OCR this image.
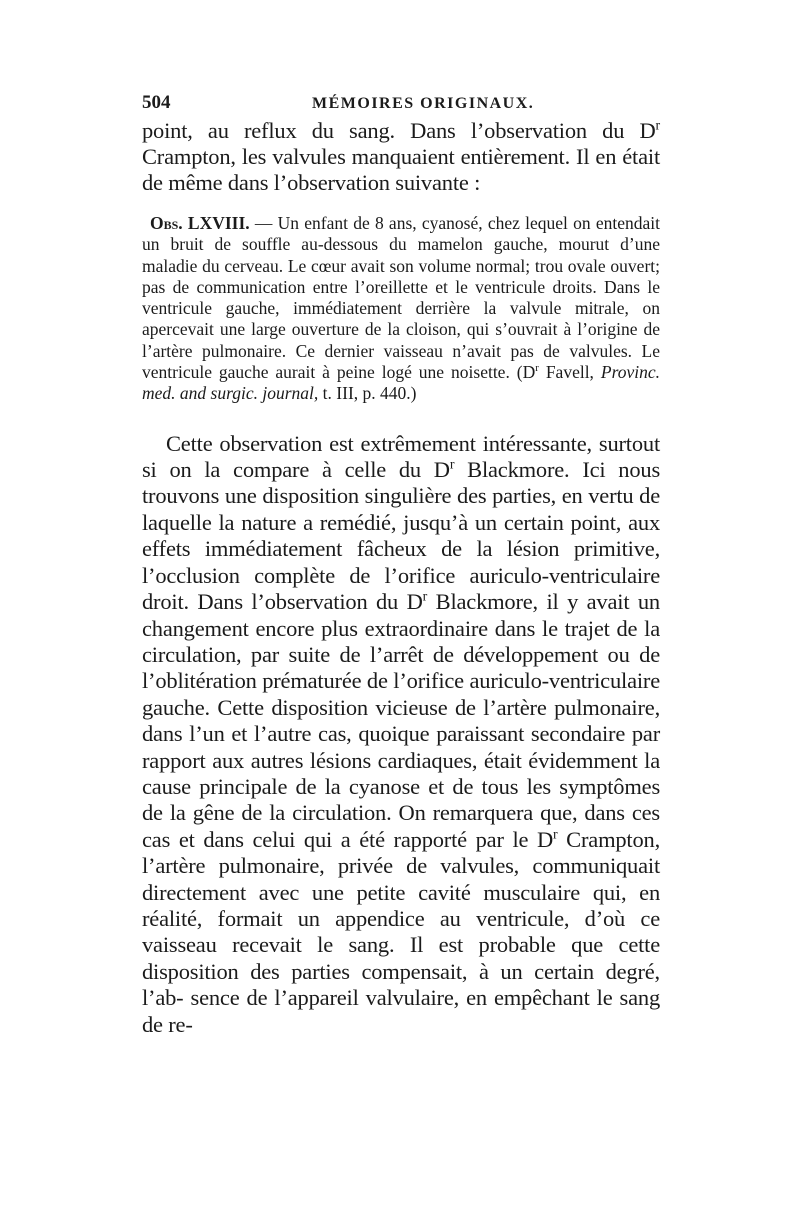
504	MÉMOIRES ORIGINAUX.

point, au reflux du sang. Dans l’observation du $D^r$ Crampton, les valvules manquaient entièrement. Il en était de même dans l’observation suivante :

Obs. LXVIII. — Un enfant de 8 ans, cyanosé, chez lequel on entendait un bruit de souffle au-dessous du mamelon gauche, mourut d’une maladie du cerveau. Le cœur avait son volume normal; trou ovale ouvert; pas de communication entre l’oreillette et le ventricule droits. Dans le ventricule gauche, immédiatement derrière la valvule mitrale, on apercevait une large ouverture de la cloison, qui s’ouvrait à l’origine de l’artère pulmonaire. Ce dernier vaisseau n’avait pas de valvules. Le ventricule gauche aurait à peine logé une noisette. ($D^r$ Favell, Provinc. med. and surgic. journal, t. III, p. 440.)

Cette observation est extrêmement intéressante, surtout si on la compare à celle du $D^r$ Blackmore. Ici nous trouvons une disposition singulière des parties, en vertu de laquelle la nature a remédié, jusqu’à un certain point, aux effets immédiatement fâcheux de la lésion primitive, l’occlusion complète de l’orifice auriculo-ventriculaire droit. Dans l’observation du $D^r$ Blackmore, il y avait un changement encore plus extraordinaire dans le trajet de la circulation, par suite de l’arrêt de développement ou de l’oblitération prématurée de l’orifice auriculo-ventriculaire gauche. Cette disposition vicieuse de l’artère pulmonaire, dans l’un et l’autre cas, quoique paraissant secondaire par rapport aux autres lésions cardiaques, était évidemment la cause principale de la cyanose et de tous les symptômes de la gêne de la circulation. On remarquera que, dans ces cas et dans celui qui a été rapporté par le $D^r$ Crampton, l’artère pulmonaire, privée de valvules, communiquait directement avec une petite cavité musculaire qui, en réalité, formait un appendice au ventricule, d’où ce vaisseau recevait le sang. Il est probable que cette disposition des parties compensait, à un certain degré, l’ab- sence de l’appareil valvulaire, en empêchant le sang de re-
